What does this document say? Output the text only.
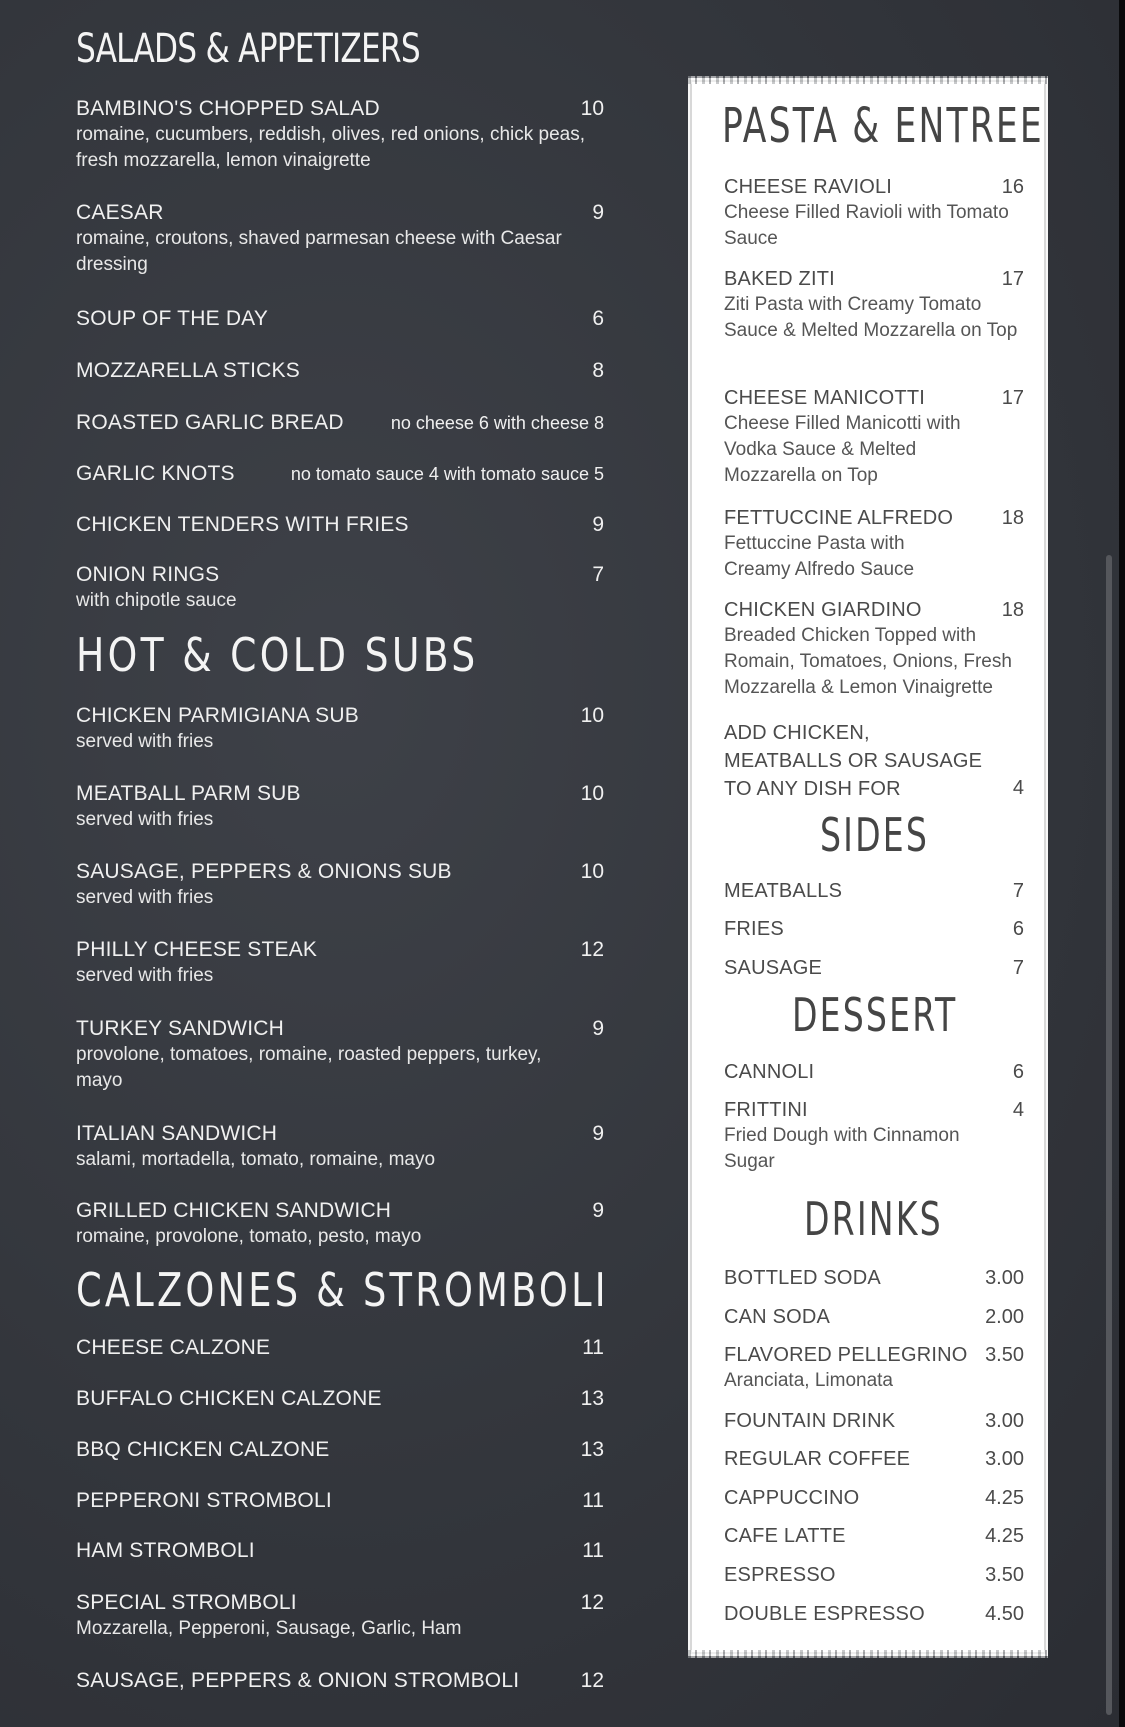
SALADS & APPETIZERS
BAMBINO'S CHOPPED SALAD	10
romaine, cucumbers, reddish, olives, red onions, chick peas, fresh mozzarella, lemon vinaigrette
CAESAR	9
romaine, croutons, shaved parmesan cheese with Caesar dressing
SOUP OF THE DAY	6
MOZZARELLA STICKS	8
ROASTED GARLIC BREAD	no cheese 6 with cheese 8
GARLIC KNOTS	no tomato sauce 4 with tomato sauce 5
CHICKEN TENDERS WITH FRIES	9
ONION RINGS	7
with chipotle sauce
HOT & COLD SUBS
CHICKEN PARMIGIANA SUB	10
served with fries
MEATBALL PARM SUB	10
served with fries
SAUSAGE, PEPPERS & ONIONS SUB	10
served with fries
PHILLY CHEESE STEAK	12
served with fries
TURKEY SANDWICH	9
provolone, tomatoes, romaine, roasted peppers, turkey, mayo
ITALIAN SANDWICH	9
salami, mortadella, tomato, romaine, mayo
GRILLED CHICKEN SANDWICH	9
romaine, provolone, tomato, pesto, mayo
CALZONES & STROMBOLI
CHEESE CALZONE	11
BUFFALO CHICKEN CALZONE	13
BBQ CHICKEN CALZONE	13
PEPPERONI STROMBOLI	11
HAM STROMBOLI	11
SPECIAL STROMBOLI	12
Mozzarella, Pepperoni, Sausage, Garlic, Ham
SAUSAGE, PEPPERS & ONION STROMBOLI	12
PASTA & ENTREE
CHEESE RAVIOLI	16
Cheese Filled Ravioli with Tomato Sauce
BAKED ZITI	17
Ziti Pasta with Creamy Tomato Sauce & Melted Mozzarella on Top
CHEESE MANICOTTI	17
Cheese Filled Manicotti with Vodka Sauce & Melted Mozzarella on Top
FETTUCCINE ALFREDO	18
Fettuccine Pasta with Creamy Alfredo Sauce
CHICKEN GIARDINO	18
Breaded Chicken Topped with Romain, Tomatoes, Onions, Fresh Mozzarella & Lemon Vinaigrette
ADD CHICKEN, MEATBALLS OR SAUSAGE TO ANY DISH FOR	4
SIDES
MEATBALLS	7
FRIES	6
SAUSAGE	7
DESSERT
CANNOLI	6
FRITTINI	4
Fried Dough with Cinnamon Sugar
DRINKS
BOTTLED SODA	3.00
CAN SODA	2.00
FLAVORED PELLEGRINO 3.50
Aranciata, Limonata
FOUNTAIN DRINK	3.00
REGULAR COFFEE	3.00
CAPPUCCINO	4.25
CAFE LATTE	4.25
ESPRESSO	3.50
DOUBLE ESPRESSO	4.50
